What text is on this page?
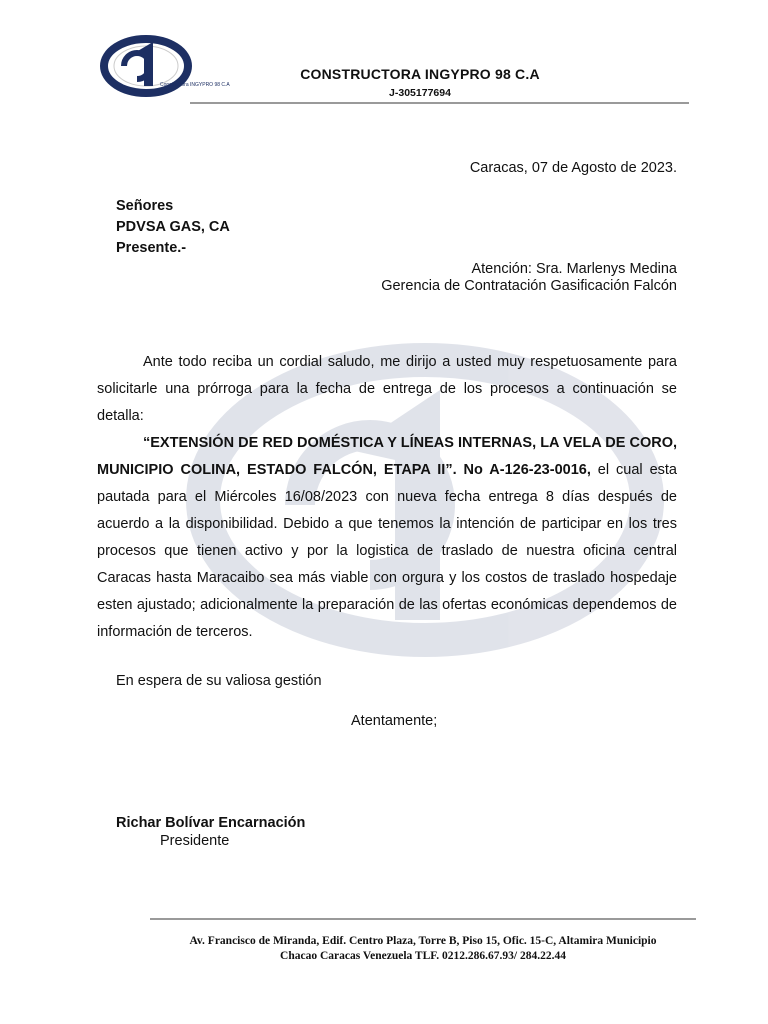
Constructora INGYPRO 98 C.A
CONSTRUCTORA INGYPRO 98 C.A
J-305177694
Caracas, 07 de Agosto de 2023.
Señores
PDVSA GAS, CA
Presente.-
Atención: Sra. Marlenys Medina
Gerencia de Contratación Gasificación Falcón

Ante todo reciba un cordial saludo, me dirijo a usted muy respetuosamente para solicitarle una prórroga para la fecha de entrega de los procesos a continuación se detalla:

“EXTENSIÓN DE RED DOMÉSTICA Y LÍNEAS INTERNAS, LA VELA DE CORO, MUNICIPIO COLINA, ESTADO FALCÓN, ETAPA II”. No A-126-23-0016, el cual esta pautada para el Miércoles 16/08/2023 con nueva fecha entrega 8 días después de acuerdo a la disponibilidad. Debido a que tenemos la intención de participar en los tres procesos que tienen activo y por la logistica de traslado de nuestra oficina central Caracas hasta Maracaibo sea más viable con orgura y los costos de traslado hospedaje esten ajustado; adicionalmente la preparación de las ofertas económicas dependemos de información de terceros.

En espera de su valiosa gestión
Atentamente;
Richar Bolívar Encarnación
Presidente
Av. Francisco de Miranda, Edif. Centro Plaza, Torre B, Piso 15, Ofic. 15-C, Altamira Municipio
Chacao Caracas Venezuela TLF. 0212.286.67.93/ 284.22.44
